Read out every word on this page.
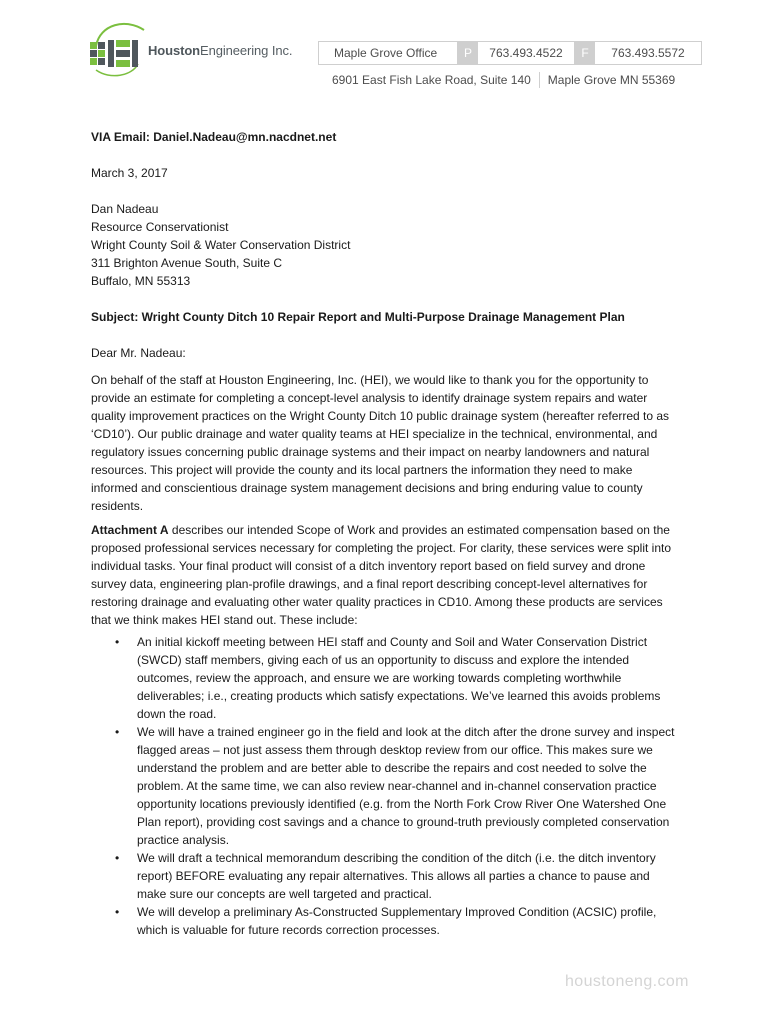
HoustonEngineering Inc.	Maple Grove Office	P	763.493.4522	F	763.493.5572
6901 East Fish Lake Road, Suite 140 Maple Grove MN 55369

VIA Email: Daniel.Nadeau@mn.nacdnet.net

March 3, 2017

Dan Nadeau

Resource Conservationist

Wright County Soil & Water Conservation District

311 Brighton Avenue South, Suite C

Buffalo, MN 55313

Subject: Wright County Ditch 10 Repair Report and Multi-Purpose Drainage Management Plan

Dear Mr. Nadeau:

On behalf of the staff at Houston Engineering, Inc. (HEI), we would like to thank you for the opportunity to

provide an estimate for completing a concept-level analysis to identify drainage system repairs and water

quality improvement practices on the Wright County Ditch 10 public drainage system (hereafter referred to as

‘CD10’). Our public drainage and water quality teams at HEI specialize in the technical, environmental, and

regulatory issues concerning public drainage systems and their impact on nearby landowners and natural

resources. This project will provide the county and its local partners the information they need to make

informed and conscientious drainage system management decisions and bring enduring value to county

residents.

Attachment A describes our intended Scope of Work and provides an estimated compensation based on the

proposed professional services necessary for completing the project. For clarity, these services were split into

individual tasks. Your final product will consist of a ditch inventory report based on field survey and drone

survey data, engineering plan-profile drawings, and a final report describing concept-level alternatives for

restoring drainage and evaluating other water quality practices in CD10. Among these products are services

that we think makes HEI stand out. These include:

• An initial kickoff meeting between HEI staff and County and Soil and Water Conservation District

(SWCD) staff members, giving each of us an opportunity to discuss and explore the intended

outcomes, review the approach, and ensure we are working towards completing worthwhile

deliverables; i.e., creating products which satisfy expectations. We’ve learned this avoids problems

down the road.

• We will have a trained engineer go in the field and look at the ditch after the drone survey and inspect

flagged areas – not just assess them through desktop review from our office. This makes sure we

understand the problem and are better able to describe the repairs and cost needed to solve the

problem. At the same time, we can also review near-channel and in-channel conservation practice

opportunity locations previously identified (e.g. from the North Fork Crow River One Watershed One

Plan report), providing cost savings and a chance to ground-truth previously completed conservation

practice analysis.

• We will draft a technical memorandum describing the condition of the ditch (i.e. the ditch inventory

report) BEFORE evaluating any repair alternatives. This allows all parties a chance to pause and

make sure our concepts are well targeted and practical.

• We will develop a preliminary As-Constructed Supplementary Improved Condition (ACSIC) profile,

which is valuable for future records correction processes.

houstoneng.com
